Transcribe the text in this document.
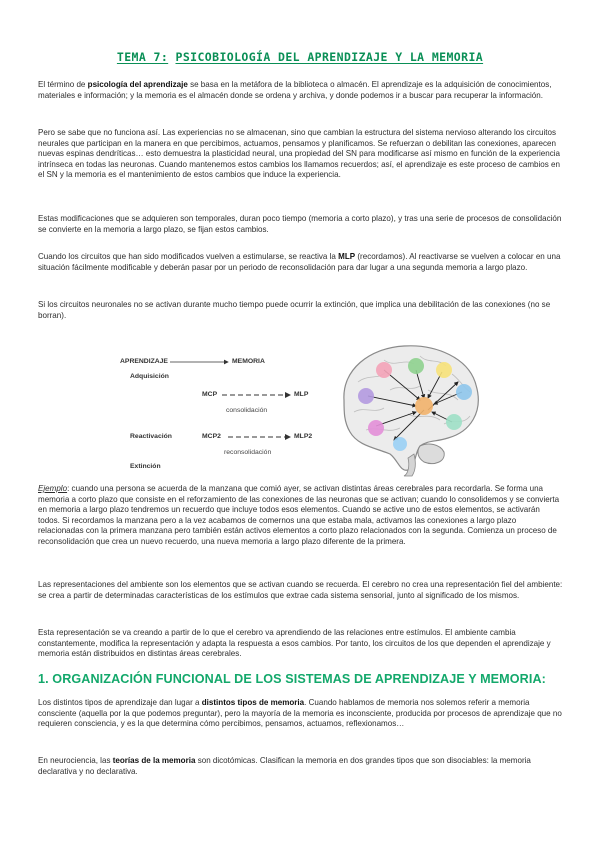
TEMA 7: PSICOBIOLOGÍA DEL APRENDIZAJE Y LA MEMORIA

El término de psicología del aprendizaje se basa en la metáfora de la biblioteca o almacén. El aprendizaje es la adquisición de conocimientos, materiales e información; y la memoria es el almacén donde se ordena y archiva, y donde podemos ir a buscar para recuperar la información.

Pero se sabe que no funciona así. Las experiencias no se almacenan, sino que cambian la estructura del sistema nervioso alterando los circuitos neurales que participan en la manera en que percibimos, actuamos, pensamos y planificamos. Se refuerzan o debilitan las conexiones, aparecen nuevas espinas dendríticas… esto demuestra la plasticidad neural, una propiedad del SN para modificarse así mismo en función de la experiencia intrínseca en todas las neuronas. Cuando mantenemos estos cambios los llamamos recuerdos; así, el aprendizaje es este proceso de cambios en el SN y la memoria es el mantenimiento de estos cambios que induce la experiencia.

Estas modificaciones que se adquieren son temporales, duran poco tiempo (memoria a corto plazo), y tras una serie de procesos de consolidación se convierte en la memoria a largo plazo, se fijan estos cambios.

Cuando los circuitos que han sido modificados vuelven a estimularse, se reactiva la MLP (recordamos). Al reactivarse se vuelven a colocar en una situación fácilmente modificable y deberán pasar por un periodo de reconsolidación para dar lugar a una segunda memoria a largo plazo.

Si los circuitos neuronales no se activan durante mucho tiempo puede ocurrir la extinción, que implica una debilitación de las conexiones (no se borran).

APRENDIZAJE	MEMORIA
Adquisición
MCP	MLP
consolidación
Reactivación	MCP2	MLP2
reconsolidación
Extinción

Ejemplo: cuando una persona se acuerda de la manzana que comió ayer, se activan distintas áreas cerebrales para recordarla. Se forma una memoria a corto plazo que consiste en el reforzamiento de las conexiones de las neuronas que se activan; cuando lo consolidemos y se convierta en memoria a largo plazo tendremos un recuerdo que incluye todos esos elementos. Cuando se active uno de estos elementos, se activarán todos. Si recordamos la manzana pero a la vez acabamos de comernos una que estaba mala, activamos las conexiones a largo plazo relacionadas con la primera manzana pero también están activos elementos a corto plazo relacionados con la segunda. Comienza un proceso de reconsolidación que crea un nuevo recuerdo, una nueva memoria a largo plazo diferente de la primera.

Las representaciones del ambiente son los elementos que se activan cuando se recuerda. El cerebro no crea una representación fiel del ambiente: se crea a partir de determinadas características de los estímulos que extrae cada sistema sensorial, junto al significado de los mismos.

Esta representación se va creando a partir de lo que el cerebro va aprendiendo de las relaciones entre estímulos. El ambiente cambia constantemente, modifica la representación y adapta la respuesta a esos cambios. Por tanto, los circuitos de los que dependen el aprendizaje y memoria están distribuidos en distintas áreas cerebrales.

1. ORGANIZACIÓN FUNCIONAL DE LOS SISTEMAS DE APRENDIZAJE Y MEMORIA:

Los distintos tipos de aprendizaje dan lugar a distintos tipos de memoria. Cuando hablamos de memoria nos solemos referir a memoria consciente (aquella por la que podemos preguntar), pero la mayoría de la memoria es inconsciente, producida por procesos de aprendizaje que no requieren consciencia, y es la que determina cómo percibimos, pensamos, actuamos, reflexionamos…

En neurociencia, las teorías de la memoria son dicotómicas. Clasifican la memoria en dos grandes tipos que son disociables: la memoria declarativa y no declarativa.
